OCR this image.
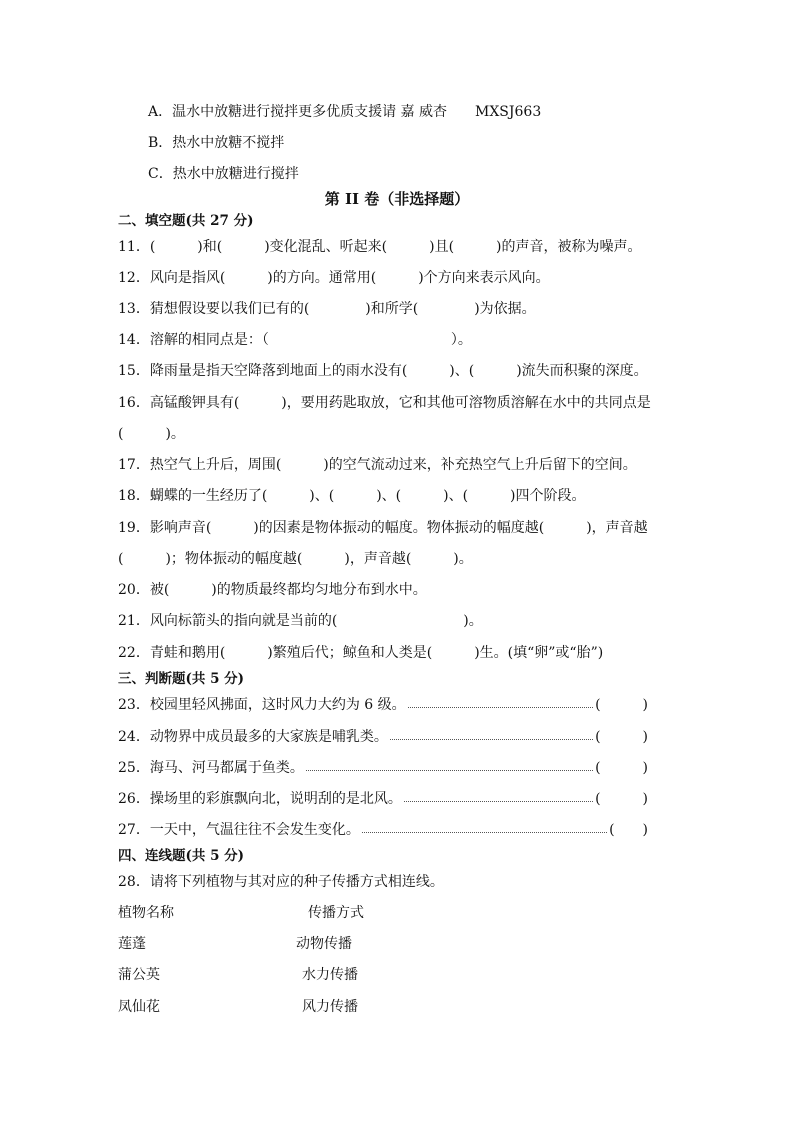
A．温水中放糖进行搅拌更多优质支援请 嘉 威杏　　MXSJ663
B．热水中放糖不搅拌
C．热水中放糖进行搅拌
第 II 卷（非选择题）
二、填空题(共 27 分)
11．(　　　)和(　　　)变化混乱、听起来(　　　)且(　　　)的声音，被称为噪声。
12．风向是指风(　　　)的方向。通常用(　　　)个方向来表示风向。
13．猜想假设要以我们已有的(　　　　)和所学(　　　　)为依据。
14．溶解的相同点是：（　　　　　　　　　　　　　）。
15．降雨量是指天空降落到地面上的雨水没有(　　　)、(　　　)流失而积聚的深度。
16．高锰酸钾具有(　　　)，要用药匙取放，它和其他可溶物质溶解在水中的共同点是
(　　　)。
17．热空气上升后，周围(　　　)的空气流动过来，补充热空气上升后留下的空间。
18．蝴蝶的一生经历了(　　　)、(　　　)、(　　　)、(　　　)四个阶段。
19．影响声音(　　　)的因素是物体振动的幅度。物体振动的幅度越(　　　)，声音越
(　　　)；物体振动的幅度越(　　　)，声音越(　　　)。
20．被(　　　)的物质最终都均匀地分布到水中。
21．风向标箭头的指向就是当前的(　　　　　　　　　)。
22．青蛙和鹅用(　　　)繁殖后代；鲸鱼和人类是(　　　)生。(填“卵”或“胎”)
三、判断题(共 5 分)
23．校园里轻风拂面，这时风力大约为 6 级。	(　　　)
24．动物界中成员最多的大家族是哺乳类。	(　　　)
25．海马、河马都属于鱼类。	(　　　)
26．操场里的彩旗飘向北，说明刮的是北风。	(　　　)
27．一天中，气温往往不会发生变化。	(　　)
四、连线题(共 5 分)
28．请将下列植物与其对应的种子传播方式相连线。
植物名称	传播方式
莲蓬	动物传播
蒲公英	水力传播
凤仙花	风力传播
